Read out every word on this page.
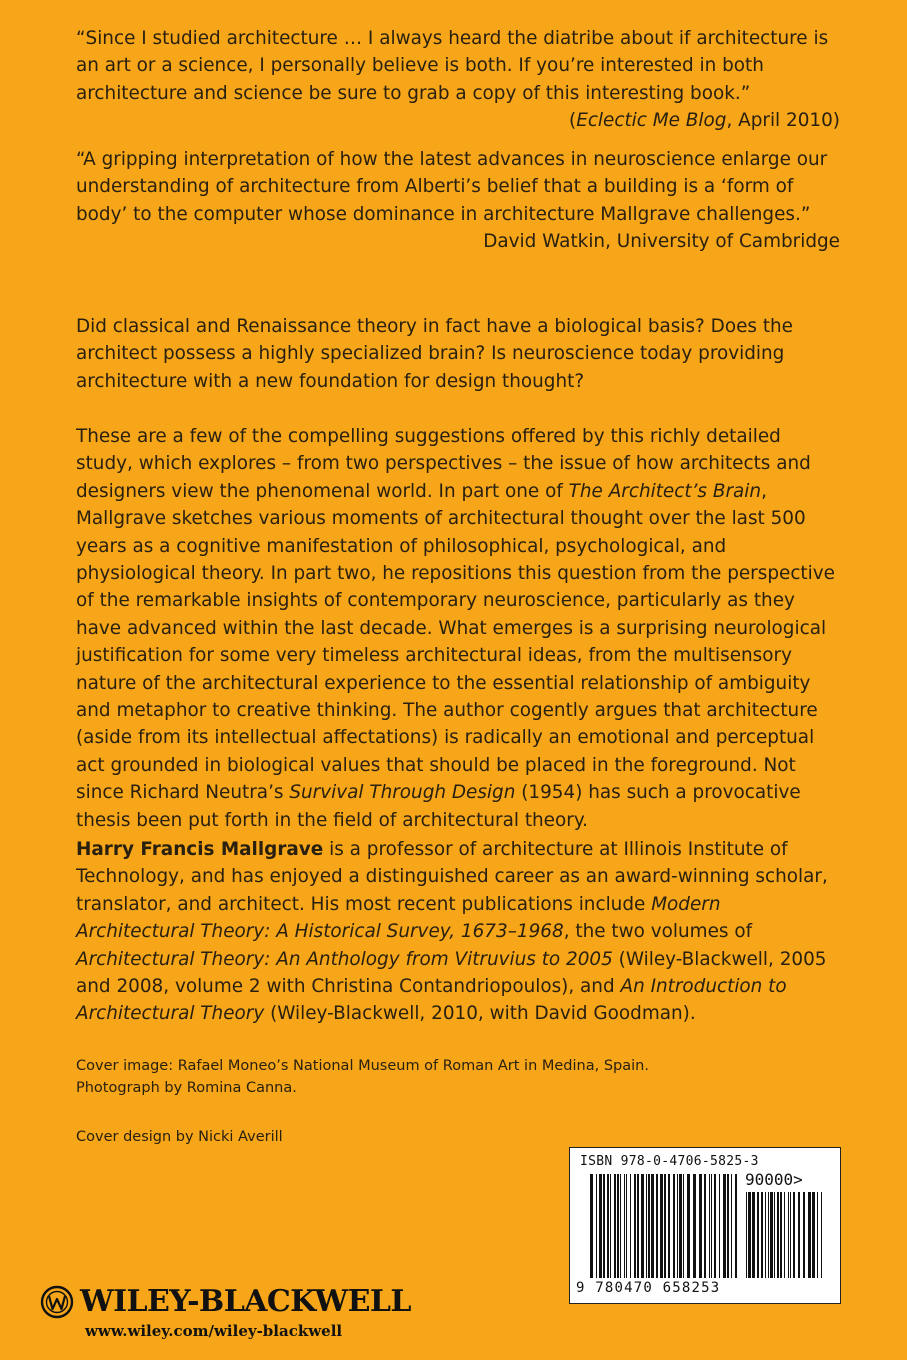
“Since I studied architecture … I always heard the diatribe about if architecture is an art or a science, I personally believe is both. If you’re interested in both architecture and science be sure to grab a copy of this interesting book.”

(Eclectic Me Blog, April 2010)

“A gripping interpretation of how the latest advances in neuroscience enlarge our understanding of architecture from Alberti’s belief that a building is a ‘form of body’ to the computer whose dominance in architecture Mallgrave challenges.”

David Watkin, University of Cambridge

Did classical and Renaissance theory in fact have a biological basis? Does the architect possess a highly specialized brain? Is neuroscience today providing architecture with a new foundation for design thought?

These are a few of the compelling suggestions offered by this richly detailed study, which explores – from two perspectives – the issue of how architects and designers view the phenomenal world. In part one of The Architect’s Brain, Mallgrave sketches various moments of architectural thought over the last 500 years as a cognitive manifestation of philosophical, psychological, and physiological theory. In part two, he repositions this question from the perspective of the remarkable insights of contemporary neuroscience, particularly as they have advanced within the last decade. What emerges is a surprising neurological justification for some very timeless architectural ideas, from the multisensory nature of the architectural experience to the essential relationship of ambiguity and metaphor to creative thinking. The author cogently argues that architecture (aside from its intellectual affectations) is radically an emotional and perceptual act grounded in biological values that should be placed in the foreground. Not since Richard Neutra’s Survival Through Design (1954) has such a provocative thesis been put forth in the field of architectural theory.

Harry Francis Mallgrave is a professor of architecture at Illinois Institute of Technology, and has enjoyed a distinguished career as an award-winning scholar, translator, and architect. His most recent publications include Modern Architectural Theory: A Historical Survey, 1673–1968, the two volumes of Architectural Theory: An Anthology from Vitruvius to 2005 (Wiley-Blackwell, 2005 and 2008, volume 2 with Christina Contandriopoulos), and An Introduction to Architectural Theory (Wiley-Blackwell, 2010, with David Goodman).

Cover image: Rafael Moneo’s National Museum of Roman Art in Medina, Spain.
Photograph by Romina Canna.
Cover design by Nicki Averill
ISBN 978-0-4706-5825-3
90000>
9 780470 658253
WILEY-BLACKWELL
www.wiley.com/wiley-blackwell
